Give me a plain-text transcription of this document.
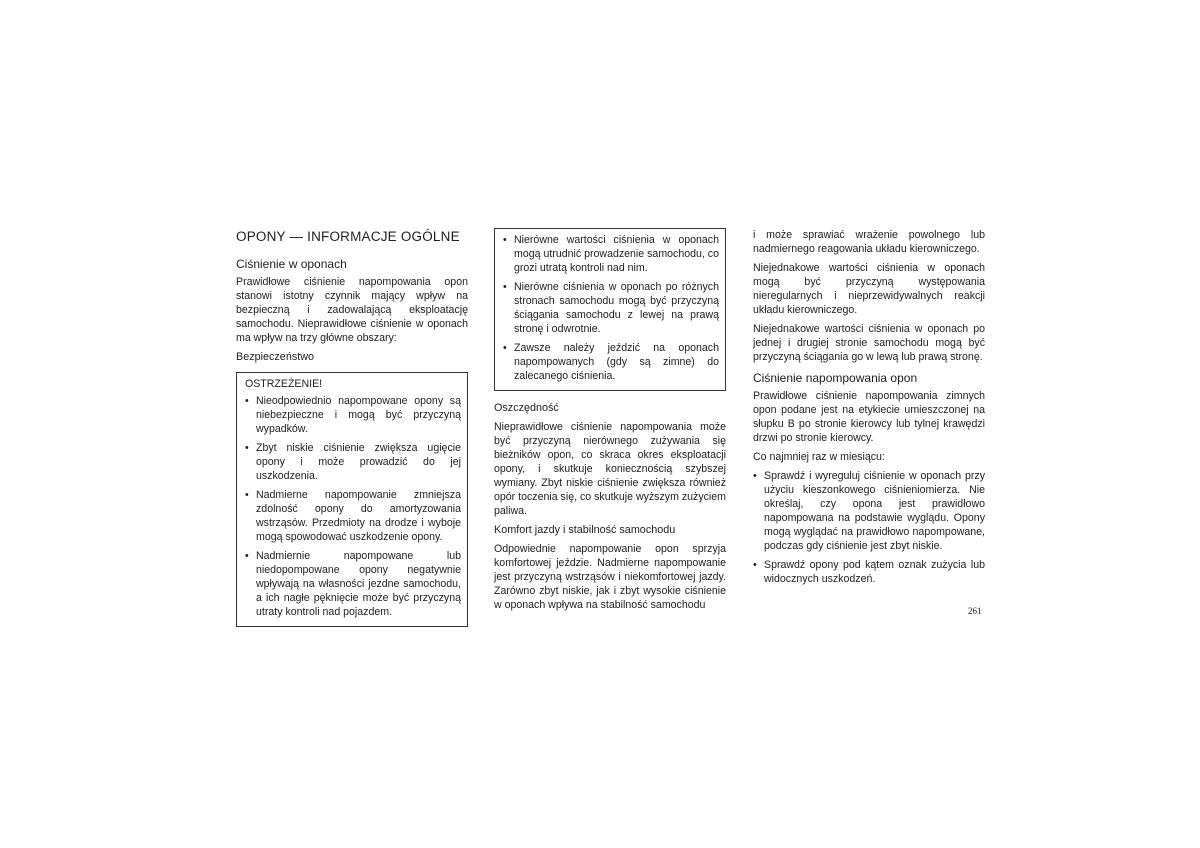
OPONY — INFORMACJE OGÓLNE
Ciśnienie w oponach

Prawidłowe ciśnienie napompowania opon stanowi istotny czynnik mający wpływ na bezpieczną i zadowalającą eksploatację samochodu. Nieprawidłowe ciśnienie w oponach ma wpływ na trzy główne obszary:

Bezpieczeństwo
OSTRZEŻENIE!
• Nieodpowiednio napompowane opony są niebezpieczne i mogą być przyczyną wypadków.
• Zbyt niskie ciśnienie zwiększa ugięcie opony i może prowadzić do jej uszkodzenia.
• Nadmierne napompowanie zmniejsza zdolność opony do amortyzowania wstrząsów. Przedmioty na drodze i wyboje mogą spowodować uszkodzenie opony.
• Nadmiernie napompowane lub niedopompowane opony negatywnie wpływają na własności jezdne samochodu, a ich nagłe pęknięcie może być przyczyną utraty kontroli nad pojazdem.
• Nierówne wartości ciśnienia w oponach mogą utrudnić prowadzenie samochodu, co grozi utratą kontroli nad nim.
• Nierówne ciśnienia w oponach po różnych stronach samochodu mogą być przyczyną ściągania samochodu z lewej na prawą stronę i odwrotnie.
• Zawsze należy jeździć na oponach napompowanych (gdy są zimne) do zalecanego ciśnienia.
Oszczędność

Nieprawidłowe ciśnienie napompowania może być przyczyną nierównego zużywania się bieżników opon, co skraca okres eksploatacji opony, i skutkuje koniecznością szybszej wymiany. Zbyt niskie ciśnienie zwiększa również opór toczenia się, co skutkuje wyższym zużyciem paliwa.

Komfort jazdy i stabilność samochodu

Odpowiednie napompowanie opon sprzyja komfortowej jeździe. Nadmierne napompowanie jest przyczyną wstrząsów i niekomfortowej jazdy. Zarówno zbyt niskie, jak i zbyt wysokie ciśnienie w oponach wpływa na stabilność samochodu

i może sprawiać wrażenie powolnego lub nadmiernego reagowania układu kierowniczego.

Niejednakowe wartości ciśnienia w oponach mogą być przyczyną występowania nieregularnych i nieprzewidywalnych reakcji układu kierowniczego.

Niejednakowe wartości ciśnienia w oponach po jednej i drugiej stronie samochodu mogą być przyczyną ściągania go w lewą lub prawą stronę.

Ciśnienie napompowania opon

Prawidłowe ciśnienie napompowania zimnych opon podane jest na etykiecie umieszczonej na słupku B po stronie kierowcy lub tylnej krawędzi drzwi po stronie kierowcy.

Co najmniej raz w miesiącu:

• Sprawdź i wyreguluj ciśnienie w oponach przy użyciu kieszonkowego ciśnieniomierza. Nie określaj, czy opona jest prawidłowo napompowana na podstawie wyglądu. Opony mogą wyglądać na prawidłowo napompowane, podczas gdy ciśnienie jest zbyt niskie.
• Sprawdź opony pod kątem oznak zużycia lub widocznych uszkodzeń.
261
